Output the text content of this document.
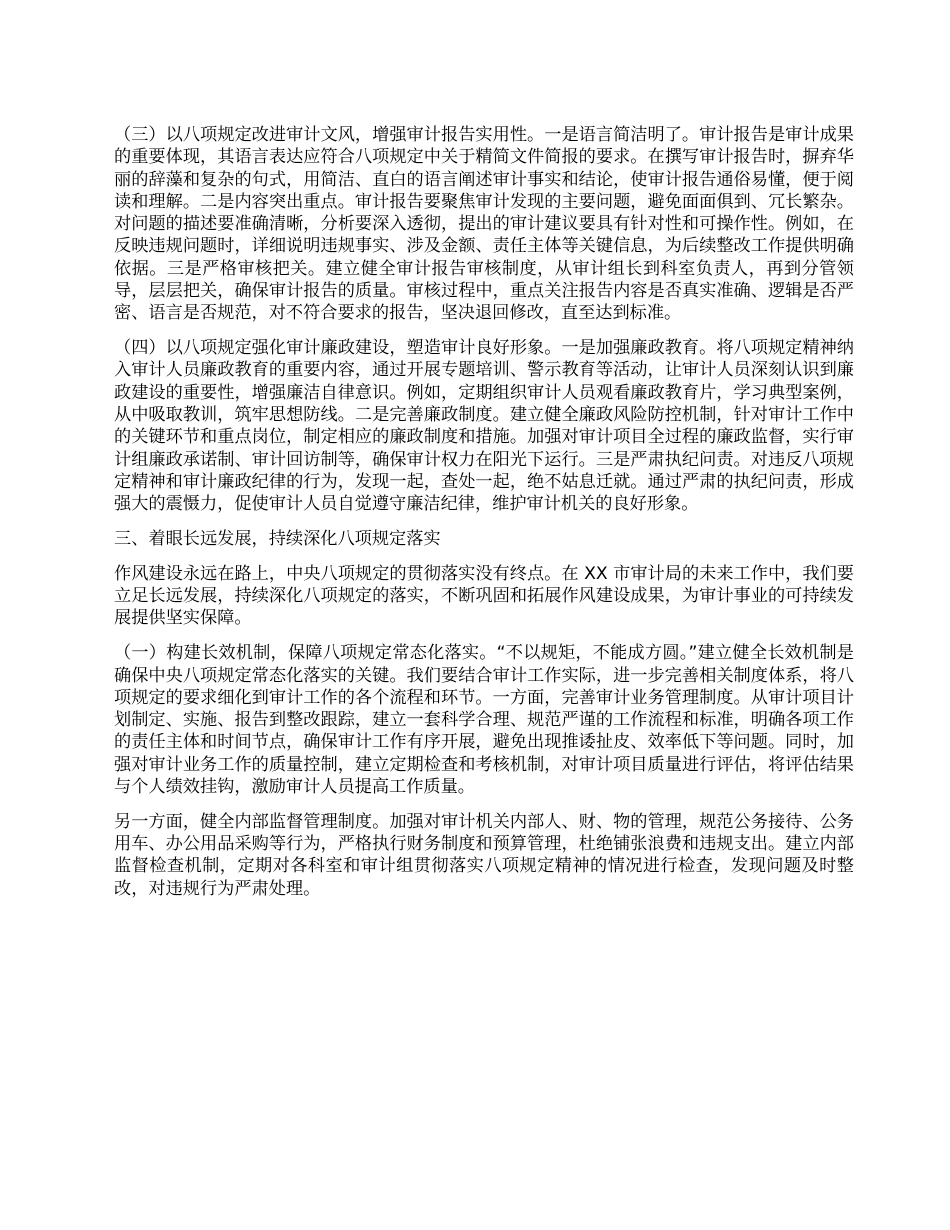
（三）以八项规定改进审计文风，增强审计报告实用性。一是语言简洁明了。审计报告是审计成果的重要体现，其语言表达应符合八项规定中关于精简文件简报的要求。在撰写审计报告时，摒弃华丽的辞藻和复杂的句式，用简洁、直白的语言阐述审计事实和结论，使审计报告通俗易懂，便于阅读和理解。二是内容突出重点。审计报告要聚焦审计发现的主要问题，避免面面俱到、冗长繁杂。对问题的描述要准确清晰，分析要深入透彻，提出的审计建议要具有针对性和可操作性。例如，在反映违规问题时，详细说明违规事实、涉及金额、责任主体等关键信息，为后续整改工作提供明确依据。三是严格审核把关。建立健全审计报告审核制度，从审计组长到科室负责人，再到分管领导，层层把关，确保审计报告的质量。审核过程中，重点关注报告内容是否真实准确、逻辑是否严密、语言是否规范，对不符合要求的报告，坚决退回修改，直至达到标准。

（四）以八项规定强化审计廉政建设，塑造审计良好形象。一是加强廉政教育。将八项规定精神纳入审计人员廉政教育的重要内容，通过开展专题培训、警示教育等活动，让审计人员深刻认识到廉政建设的重要性，增强廉洁自律意识。例如，定期组织审计人员观看廉政教育片，学习典型案例，从中吸取教训，筑牢思想防线。二是完善廉政制度。建立健全廉政风险防控机制，针对审计工作中的关键环节和重点岗位，制定相应的廉政制度和措施。加强对审计项目全过程的廉政监督，实行审计组廉政承诺制、审计回访制等，确保审计权力在阳光下运行。三是严肃执纪问责。对违反八项规定精神和审计廉政纪律的行为，发现一起，查处一起，绝不姑息迁就。通过严肃的执纪问责，形成强大的震慑力，促使审计人员自觉遵守廉洁纪律，维护审计机关的良好形象。

三、着眼长远发展，持续深化八项规定落实

作风建设永远在路上，中央八项规定的贯彻落实没有终点。在 XX 市审计局的未来工作中，我们要立足长远发展，持续深化八项规定的落实，不断巩固和拓展作风建设成果，为审计事业的可持续发展提供坚实保障。

（一）构建长效机制，保障八项规定常态化落实。“不以规矩，不能成方圆。”建立健全长效机制是确保中央八项规定常态化落实的关键。我们要结合审计工作实际，进一步完善相关制度体系，将八项规定的要求细化到审计工作的各个流程和环节。一方面，完善审计业务管理制度。从审计项目计划制定、实施、报告到整改跟踪，建立一套科学合理、规范严谨的工作流程和标准，明确各项工作的责任主体和时间节点，确保审计工作有序开展，避免出现推诿扯皮、效率低下等问题。同时，加强对审计业务工作的质量控制，建立定期检查和考核机制，对审计项目质量进行评估，将评估结果与个人绩效挂钩，激励审计人员提高工作质量。

另一方面，健全内部监督管理制度。加强对审计机关内部人、财、物的管理，规范公务接待、公务用车、办公用品采购等行为，严格执行财务制度和预算管理，杜绝铺张浪费和违规支出。建立内部监督检查机制，定期对各科室和审计组贯彻落实八项规定精神的情况进行检查，发现问题及时整改，对违规行为严肃处理。
